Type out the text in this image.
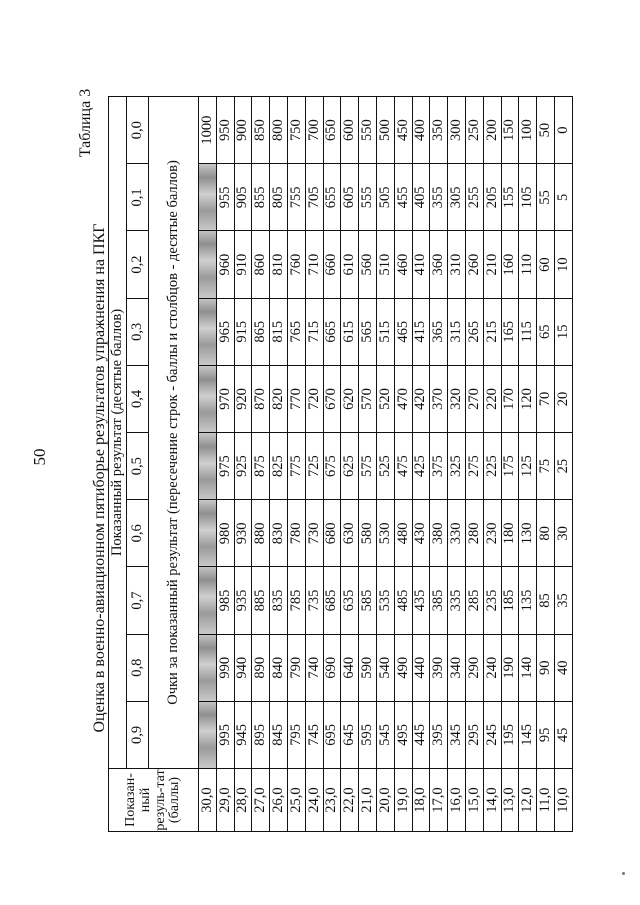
50
Таблица 3
Оценка в военно-авиационном пятиборье результатов упражнения на ПКГ
Показан-ный резуль-тат (баллы)	Показанный результат (десятые баллов)									
	0,9	0,8	0,7	0,6	0,5	0,4	0,3	0,2	0,1	0,0
	Очки за показанный результат (пересечение строк - баллы и столбцов - десятые баллов)									
30,0										1000
29,0	995	990	985	980	975	970	965	960	955	950
28,0	945	940	935	930	925	920	915	910	905	900
27,0	895	890	885	880	875	870	865	860	855	850
26,0	845	840	835	830	825	820	815	810	805	800
25,0	795	790	785	780	775	770	765	760	755	750
24,0	745	740	735	730	725	720	715	710	705	700
23,0	695	690	685	680	675	670	665	660	655	650
22,0	645	640	635	630	625	620	615	610	605	600
21,0	595	590	585	580	575	570	565	560	555	550
20,0	545	540	535	530	525	520	515	510	505	500
19,0	495	490	485	480	475	470	465	460	455	450
18,0	445	440	435	430	425	420	415	410	405	400
17,0	395	390	385	380	375	370	365	360	355	350
16,0	345	340	335	330	325	320	315	310	305	300
15,0	295	290	285	280	275	270	265	260	255	250
14,0	245	240	235	230	225	220	215	210	205	200
13,0	195	190	185	180	175	170	165	160	155	150
12,0	145	140	135	130	125	120	115	110	105	100
11,0	95	90	85	80	75	70	65	60	55	50
10,0	45	40	35	30	25	20	15	10	5	0
